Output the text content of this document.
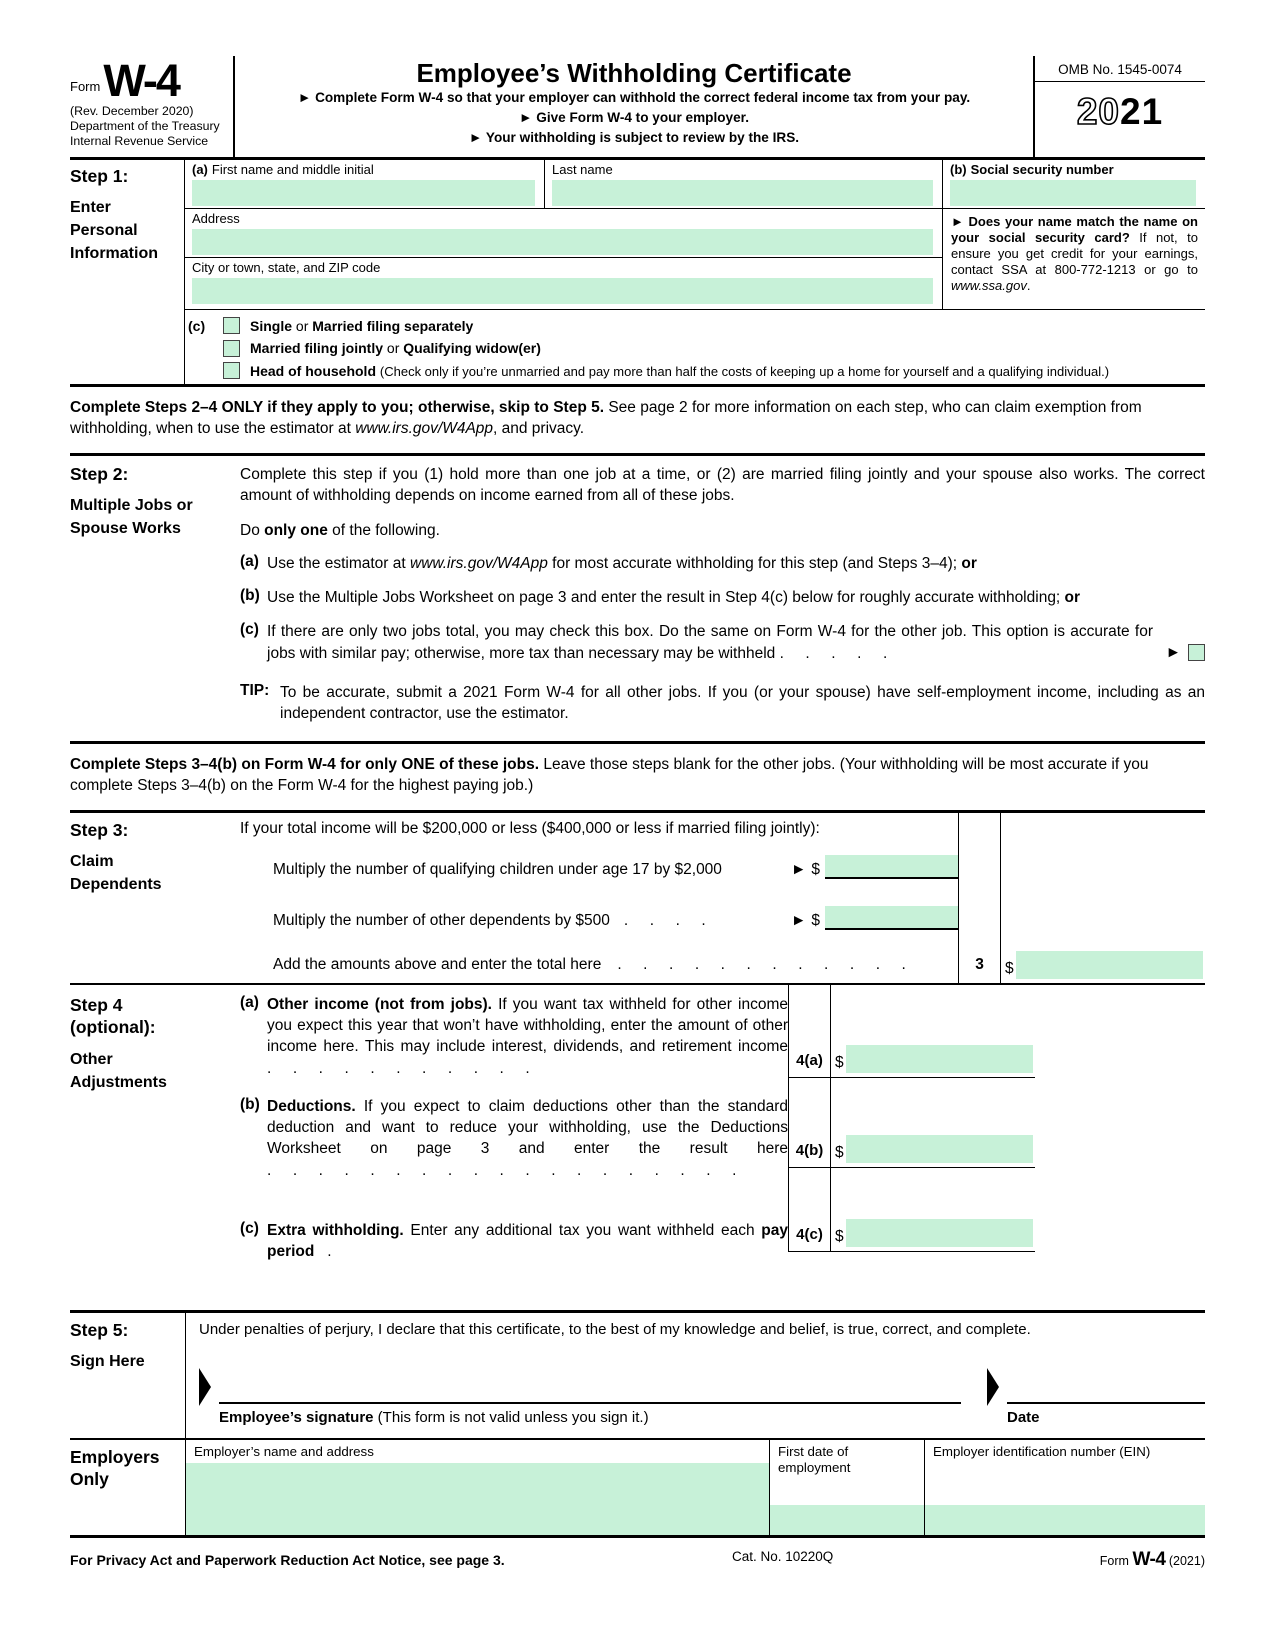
Form W-4
(Rev. December 2020)
Department of the Treasury
Internal Revenue Service
Employee’s Withholding Certificate
► Complete Form W-4 so that your employer can withhold the correct federal income tax from your pay.
► Give Form W-4 to your employer.
► Your withholding is subject to review by the IRS.
OMB No. 1545-0074
2021
Step 1:
Enter Personal Information
(a) First name and middle initial	Last name	(b) Social security number
Address	► Does your name match the name on your social security card? If not, to ensure you get credit for your earnings, contact SSA at 800-772-1213 or go to www.ssa.gov.
City or town, state, and ZIP code
(c)	Single or Married filing separately
Married filing jointly or Qualifying widow(er)
Head of household (Check only if you’re unmarried and pay more than half the costs of keeping up a home for yourself and a qualifying individual.)
Complete Steps 2–4 ONLY if they apply to you; otherwise, skip to Step 5. See page 2 for more information on each step, who can claim exemption from withholding, when to use the estimator at www.irs.gov/W4App, and privacy.
Step 2:
Multiple Jobs or Spouse Works
Complete this step if you (1) hold more than one job at a time, or (2) are married filing jointly and your spouse also works. The correct amount of withholding depends on income earned from all of these jobs.
Do only one of the following.
(a) Use the estimator at www.irs.gov/W4App for most accurate withholding for this step (and Steps 3–4); or
(b) Use the Multiple Jobs Worksheet on page 3 and enter the result in Step 4(c) below for roughly accurate withholding; or
(c) If there are only two jobs total, you may check this box. Do the same on Form W-4 for the other job. This option is accurate for jobs with similar pay; otherwise, more tax than necessary may be withheld .     .     .     .     .	►
TIP: To be accurate, submit a 2021 Form W-4 for all other jobs. If you (or your spouse) have self-employment income, including as an independent contractor, use the estimator.
Complete Steps 3–4(b) on Form W-4 for only ONE of these jobs. Leave those steps blank for the other jobs. (Your withholding will be most accurate if you complete Steps 3–4(b) on the Form W-4 for the highest paying job.)
Step 3:
Claim Dependents
If your total income will be $200,000 or less ($400,000 or less if married filing jointly):
Multiply the number of qualifying children under age 17 by $2,000	► $
Multiply the number of other dependents by $500 .     .     .     .	► $
Add the amounts above and enter the total here .     .     .     .     .     .     .     .     .     .     .     .	3 $
Step 4 (optional):
Other Adjustments
(a) Other income (not from jobs). If you want tax withheld for other income you expect this year that won’t have withholding, enter the amount of other income here. This may include interest, dividends, and retirement income .     .     .     .     .     .     .     .     .     .     .	4(a) $
(b) Deductions. If you expect to claim deductions other than the standard deduction and want to reduce your withholding, use the Deductions Worksheet on page 3 and enter the result here .     .     .     .     .     .     .     .     .     .     .     .     .     .     .     .     .     .     .
4(b) $
(c) Extra withholding. Enter any additional tax you want withheld each pay period   .
4(c) $
Step 5:
Sign Here
Under penalties of perjury, I declare that this certificate, to the best of my knowledge and belief, is true, correct, and complete.
Employee’s signature (This form is not valid unless you sign it.)	Date
Employers Only
Employer’s name and address	First date of employment
Employer identification number (EIN)
For Privacy Act and Paperwork Reduction Act Notice, see page 3.	Cat. No. 10220Q	Form W-4 (2021)
